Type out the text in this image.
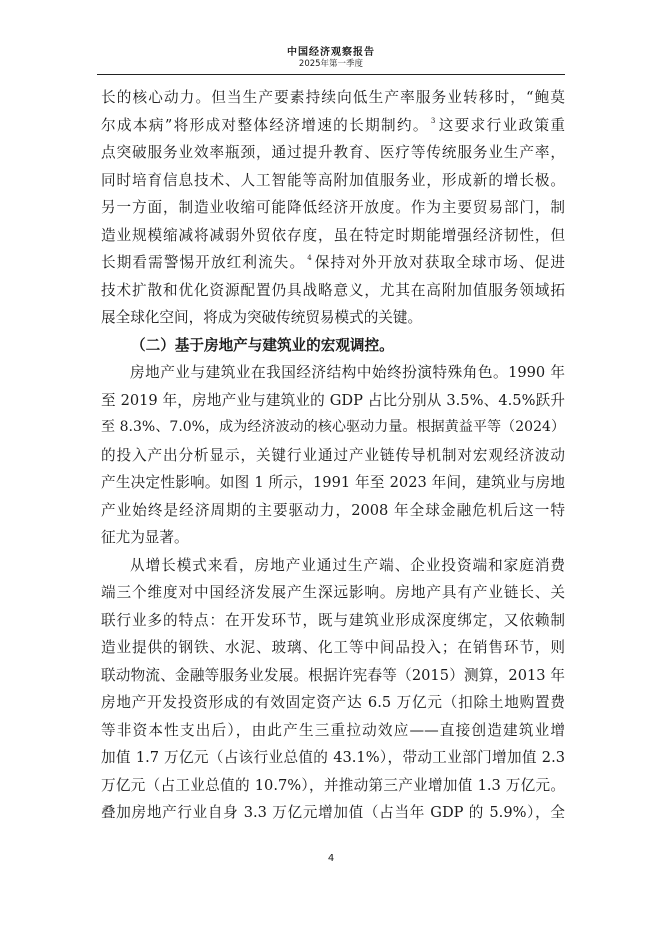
中国经济观察报告
2025年第一季度
长的核心动力。但当生产要素持续向低生产率服务业转移时，“鲍莫
尔成本病”将形成对整体经济增速的长期制约。 $^3$ 这要求行业政策重
点突破服务业效率瓶颈，通过提升教育、医疗等传统服务业生产率，
同时培育信息技术、人工智能等高附加值服务业，形成新的增长极。
另一方面，制造业收缩可能降低经济开放度。作为主要贸易部门，制
造业规模缩减将减弱外贸依存度，虽在特定时期能增强经济韧性，但
长期看需警惕开放红利流失。 $^4$ 保持对外开放对获取全球市场、促进
技术扩散和优化资源配置仍具战略意义，尤其在高附加值服务领域拓
展全球化空间，将成为突破传统贸易模式的关键。
（二）基于房地产与建筑业的宏观调控。
房地产业与建筑业在我国经济结构中始终扮演特殊角色。1990 年
至 2019 年，房地产业与建筑业的 GDP 占比分别从 3.5%、4.5%跃升
至 8.3%、7.0%，成为经济波动的核心驱动力量。根据黄益平等（2024）
的投入产出分析显示，关键行业通过产业链传导机制对宏观经济波动
产生决定性影响。如图 1 所示，1991 年至 2023 年间，建筑业与房地
产业始终是经济周期的主要驱动力，2008 年全球金融危机后这一特
征尤为显著。
从增长模式来看，房地产业通过生产端、企业投资端和家庭消费
端三个维度对中国经济发展产生深远影响。房地产具有产业链长、关
联行业多的特点：在开发环节，既与建筑业形成深度绑定，又依赖制
造业提供的钢铁、水泥、玻璃、化工等中间品投入；在销售环节，则
联动物流、金融等服务业发展。根据许宪春等（2015）测算，2013 年
房地产开发投资形成的有效固定资产达 6.5 万亿元（扣除土地购置费
等非资本性支出后），由此产生三重拉动效应——直接创造建筑业增
加值 1.7 万亿元（占该行业总值的 43.1%），带动工业部门增加值 2.3
万亿元（占工业总值的 10.7%），并推动第三产业增加值 1.3 万亿元。
叠加房地产行业自身 3.3 万亿元增加值（占当年 GDP 的 5.9%），全
4
